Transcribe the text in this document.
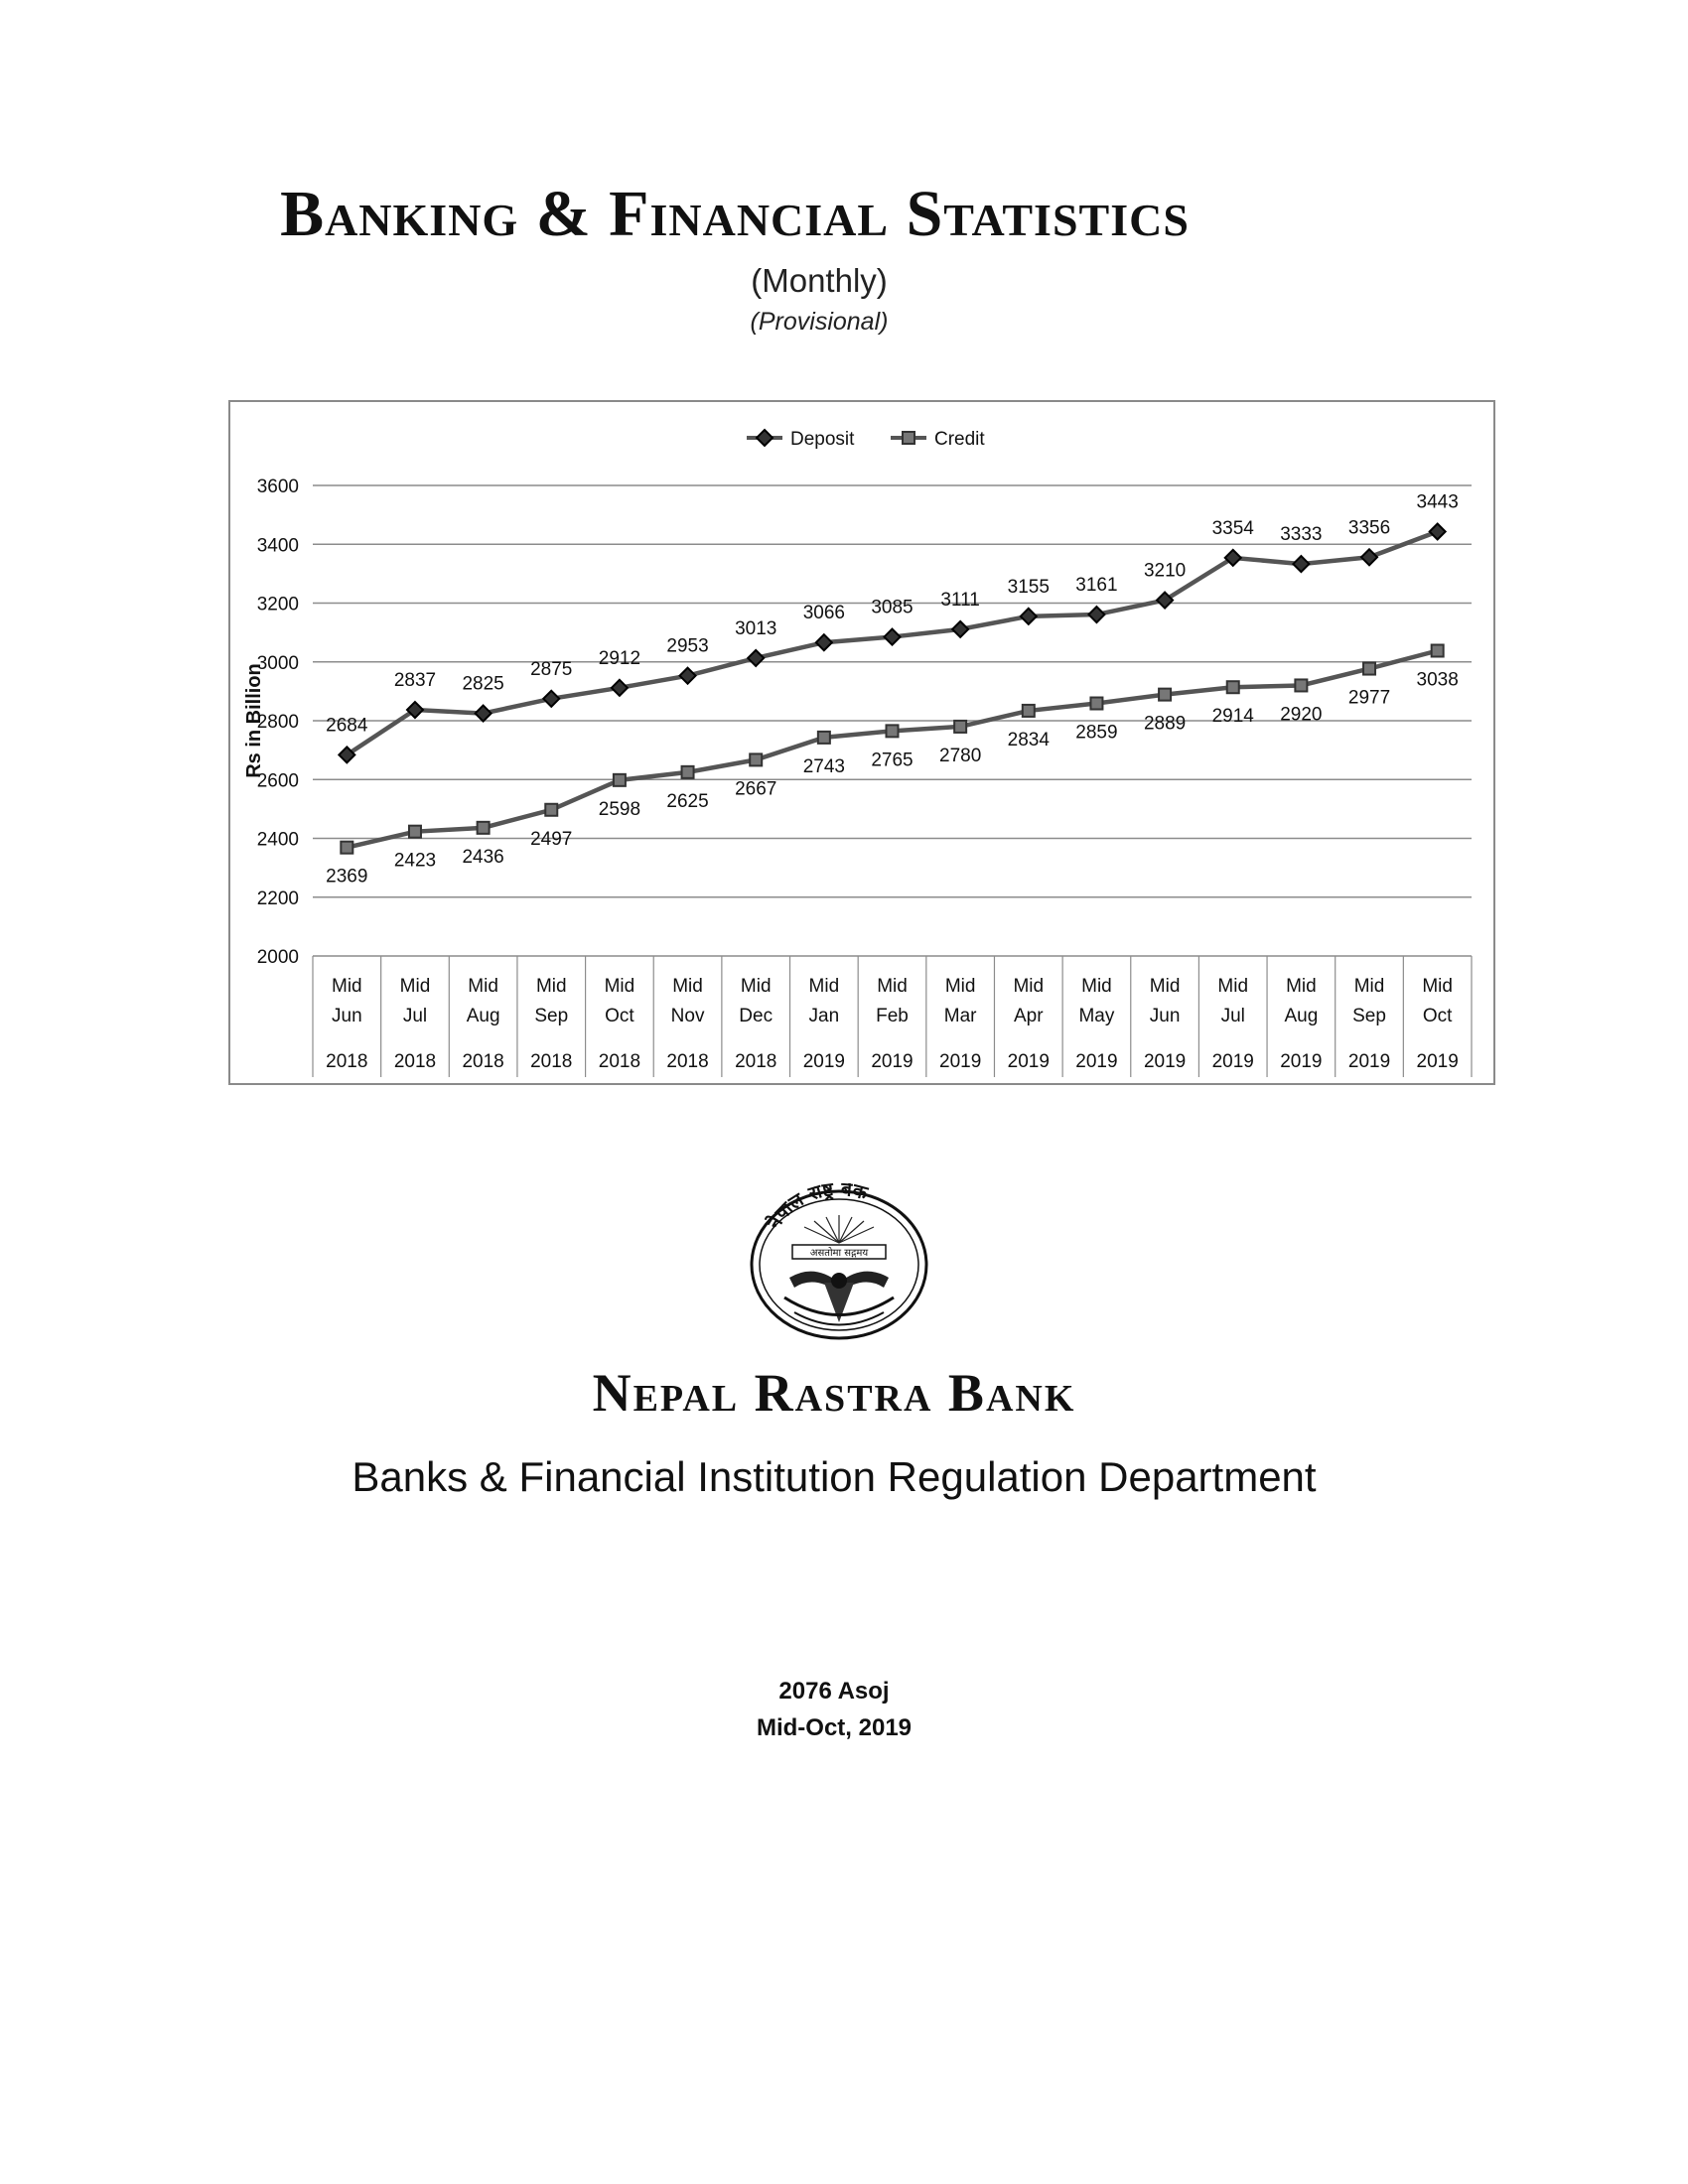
Banking & Financial Statistics
(Monthly)
(Provisional)
2000
2200
2400
2600
2800
3000
3200
3400
3600
Mid
Jun
2018
Mid
Jul
2018
Mid
Aug
2018
Mid
Sep
2018
Mid
Oct
2018
Mid
Nov
2018
Mid
Dec
2018
Mid
Jan
2019
Mid
Feb
2019
Mid
Mar
2019
Mid
Apr
2019
Mid
May
2019
Mid
Jun
2019
Mid
Jul
2019
Mid
Aug
2019
Mid
Sep
2019
Mid
Oct
2019
Rs in Billion
Deposit	Credit
2684
2837 2825
2875
2912
2953
3013
3066 3085 3111
3155 3161
3210
3354 3333 3356
3443
2369
2423 2436
2497
2598 2625
2667
2743 2765 2780
2834 2859 2889 2914 2920
2977
3038
नेपाल राष्ट्र बैंक
असतोमा सद्गमय
Nepal Rastra Bank
Banks & Financial Institution Regulation Department
2076 Asoj
Mid-Oct, 2019
